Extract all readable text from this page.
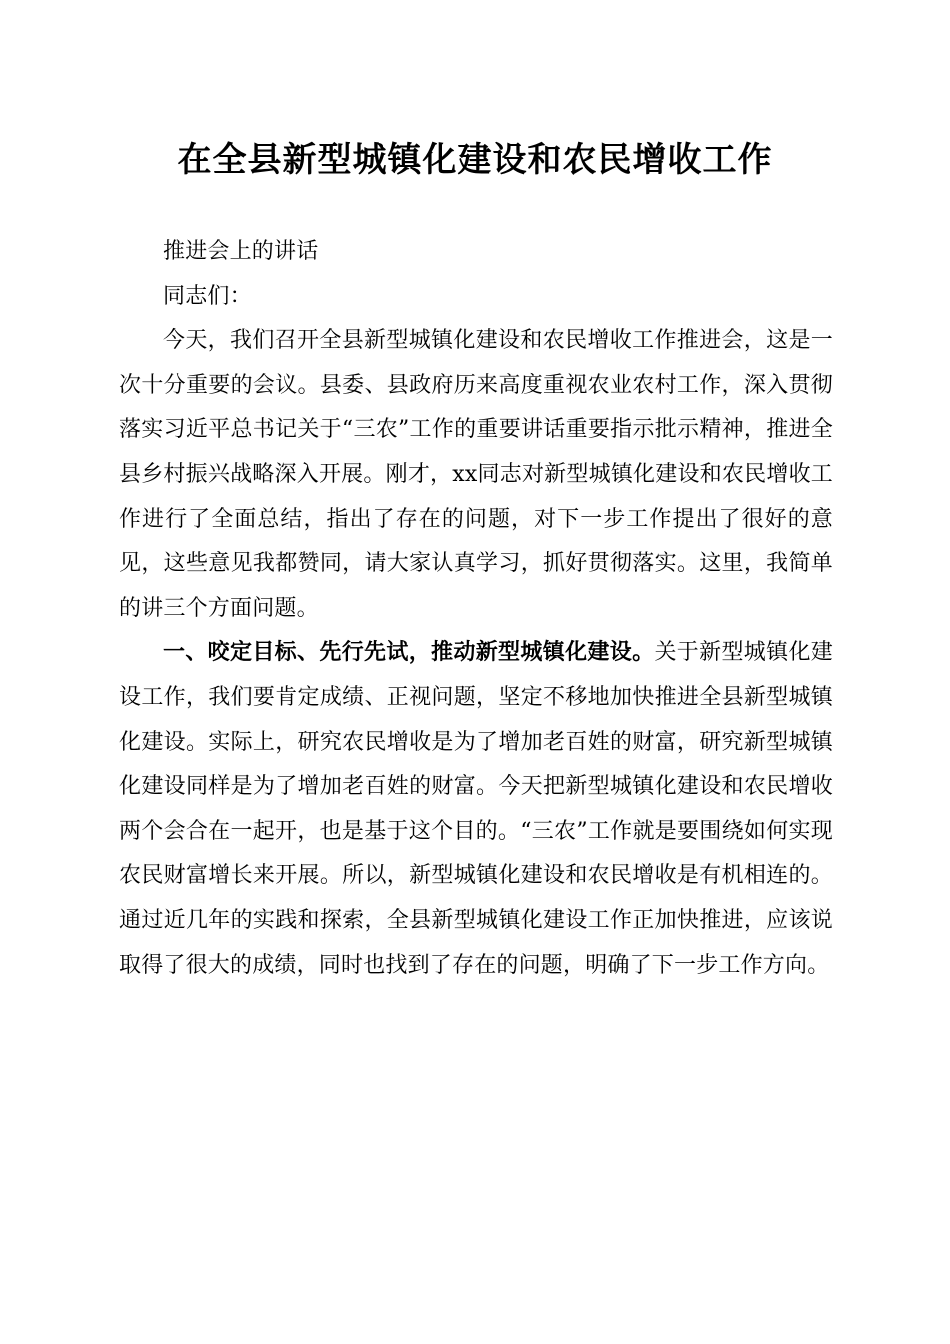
在全县新型城镇化建设和农民增收工作

推进会上的讲话

同志们：

今天，我们召开全县新型城镇化建设和农民增收工作推进会，这是一次十分重要的会议。县委、县政府历来高度重视农业农村工作，深入贯彻落实习近平总书记关于“三农”工作的重要讲话重要指示批示精神，推进全县乡村振兴战略深入开展。刚才，xx同志对新型城镇化建设和农民增收工作进行了全面总结，指出了存在的问题，对下一步工作提出了很好的意见，这些意见我都赞同，请大家认真学习，抓好贯彻落实。这里，我简单的讲三个方面问题。

一、咬定目标、先行先试，推动新型城镇化建设。关于新型城镇化建设工作，我们要肯定成绩、正视问题，坚定不移地加快推进全县新型城镇化建设。实际上，研究农民增收是为了增加老百姓的财富，研究新型城镇化建设同样是为了增加老百姓的财富。今天把新型城镇化建设和农民增收两个会合在一起开，也是基于这个目的。“三农”工作就是要围绕如何实现农民财富增长来开展。所以，新型城镇化建设和农民增收是有机相连的。通过近几年的实践和探索，全县新型城镇化建设工作正加快推进，应该说取得了很大的成绩，同时也找到了存在的问题，明确了下一步工作方向。
